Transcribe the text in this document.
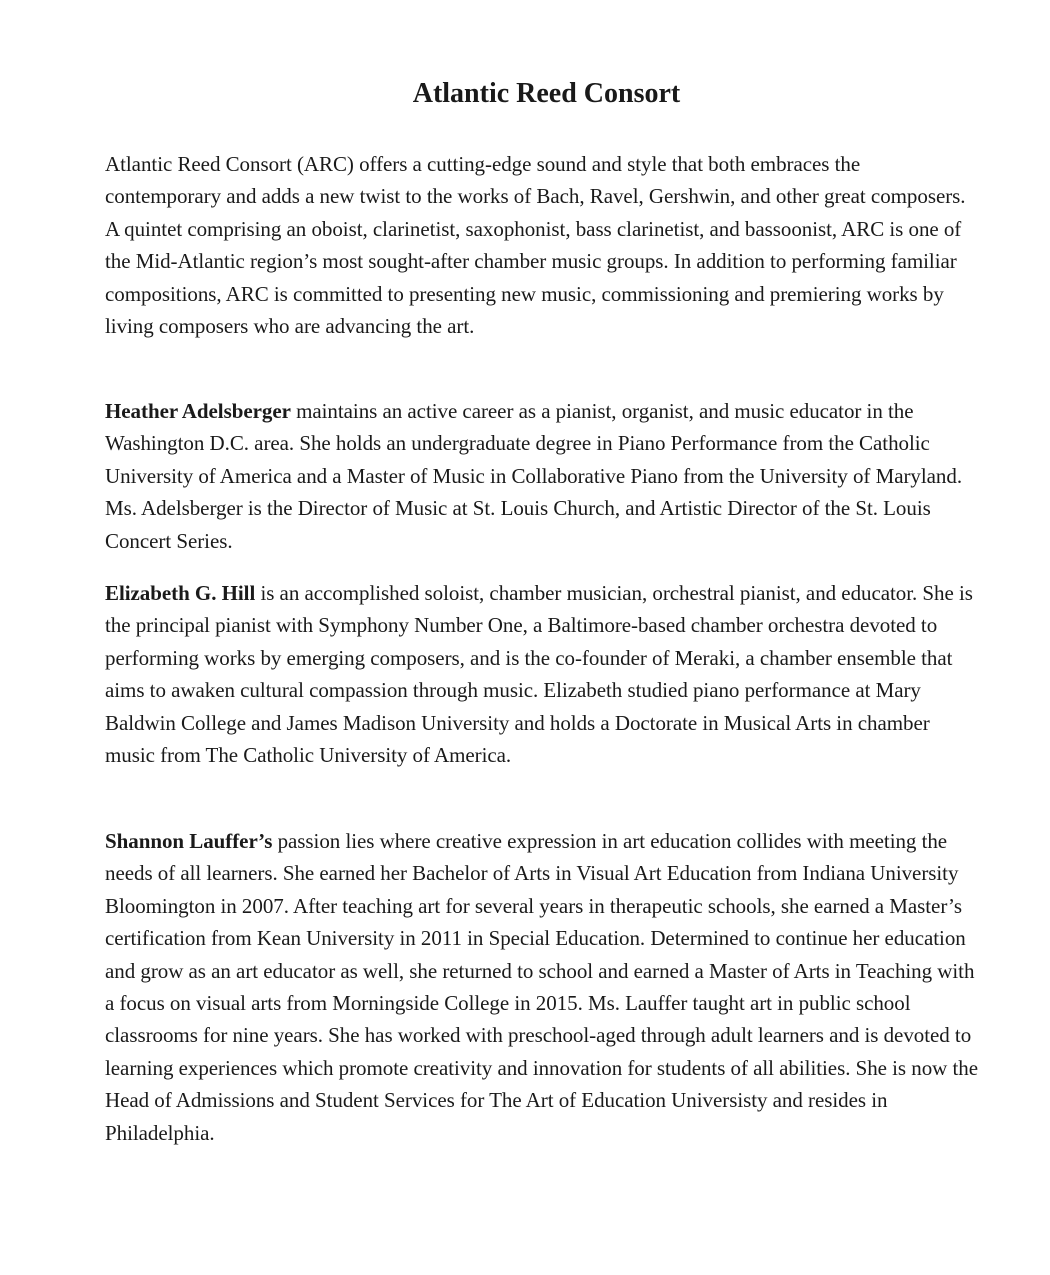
Atlantic Reed Consort

Atlantic Reed Consort (ARC) offers a cutting-edge sound and style that both embraces the contemporary and adds a new twist to the works of Bach, Ravel, Gershwin, and other great composers. A quintet comprising an oboist, clarinetist, saxophonist, bass clarinetist, and bassoonist, ARC is one of the Mid-Atlantic region’s most sought-after chamber music groups. In addition to performing familiar compositions, ARC is committed to presenting new music, commissioning and premiering works by living composers who are advancing the art.

Heather Adelsberger maintains an active career as a pianist, organist, and music educator in the Washington D.C. area. She holds an undergraduate degree in Piano Performance from the Catholic University of America and a Master of Music in Collaborative Piano from the University of Maryland. Ms. Adelsberger is the Director of Music at St. Louis Church, and Artistic Director of the St. Louis Concert Series.

Elizabeth G. Hill is an accomplished soloist, chamber musician, orchestral pianist, and educator. She is the principal pianist with Symphony Number One, a Baltimore-based chamber orchestra devoted to performing works by emerging composers, and is the co-founder of Meraki, a chamber ensemble that aims to awaken cultural compassion through music. Elizabeth studied piano performance at Mary Baldwin College and James Madison University and holds a Doctorate in Musical Arts in chamber music from The Catholic University of America.

Shannon Lauffer’s passion lies where creative expression in art education collides with meeting the needs of all learners. She earned her Bachelor of Arts in Visual Art Education from Indiana University Bloomington in 2007. After teaching art for several years in therapeutic schools, she earned a Master’s certification from Kean University in 2011 in Special Education. Determined to continue her education and grow as an art educator as well, she returned to school and earned a Master of Arts in Teaching with a focus on visual arts from Morningside College in 2015. Ms. Lauffer taught art in public school classrooms for nine years. She has worked with preschool-aged through adult learners and is devoted to learning experiences which promote creativity and innovation for students of all abilities. She is now the Head of Admissions and Student Services for The Art of Education Universisty and resides in Philadelphia.
